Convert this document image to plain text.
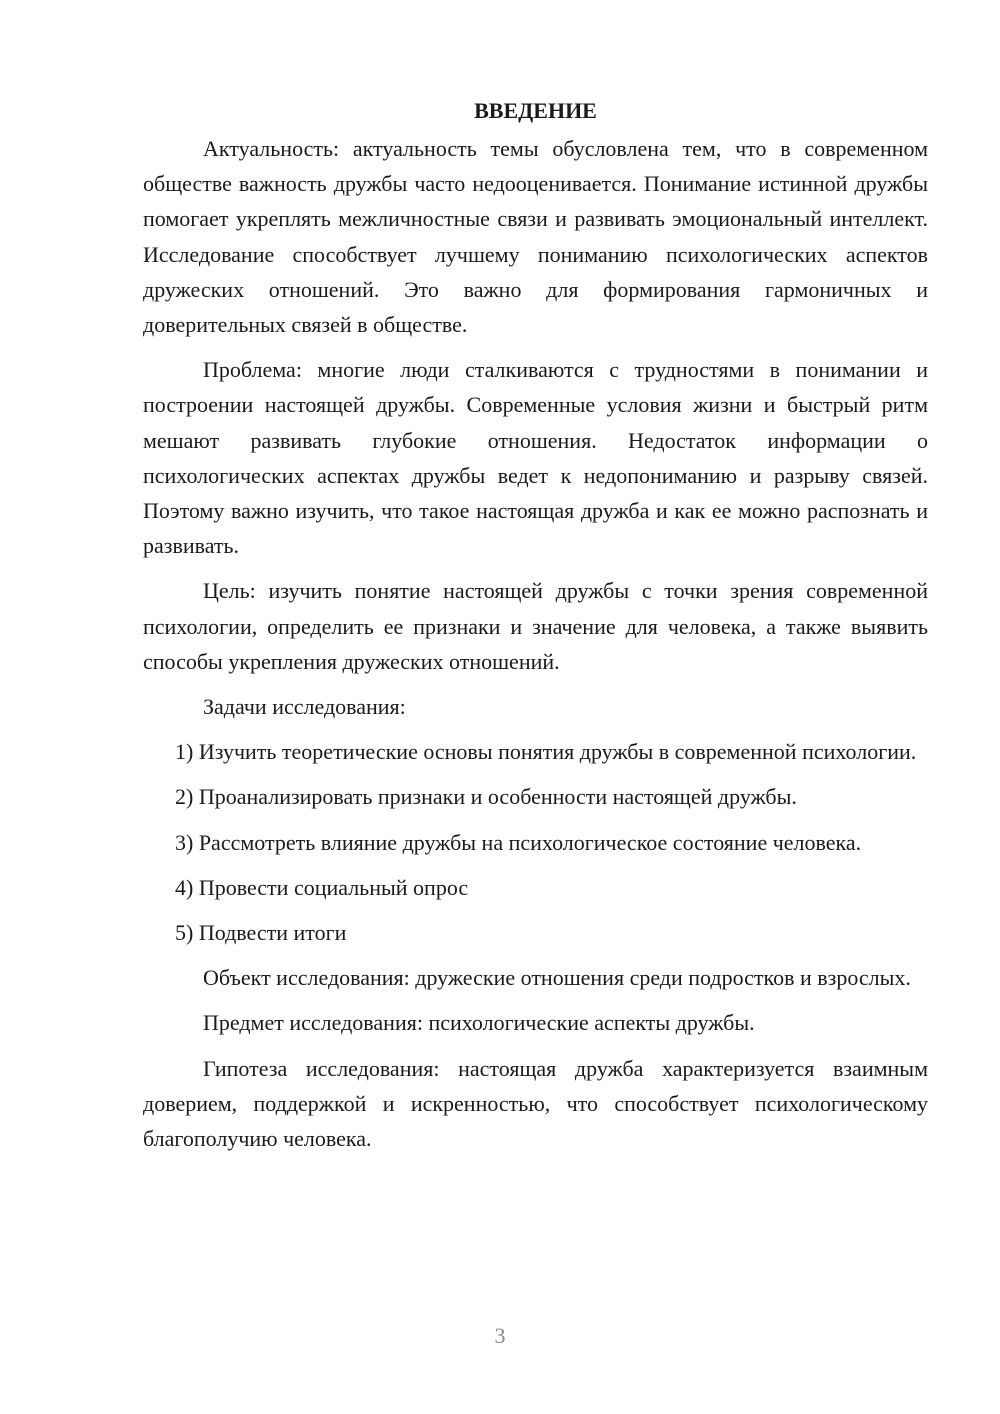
ВВЕДЕНИЕ

Актуальность: актуальность темы обусловлена тем, что в современном обществе важность дружбы часто недооценивается. Понимание истинной дружбы помогает укреплять межличностные связи и развивать эмоциональный интеллект. Исследование способствует лучшему пониманию психологических аспектов дружеских отношений. Это важно для формирования гармоничных и доверительных связей в обществе.

Проблема: многие люди сталкиваются с трудностями в понимании и построении настоящей дружбы. Современные условия жизни и быстрый ритм мешают развивать глубокие отношения. Недостаток информации о психологических аспектах дружбы ведет к недопониманию и разрыву связей. Поэтому важно изучить, что такое настоящая дружба и как ее можно распознать и развивать.

Цель: изучить понятие настоящей дружбы с точки зрения современной психологии, определить ее признаки и значение для человека, а также выявить способы укрепления дружеских отношений.

Задачи исследования:

1) Изучить теоретические основы понятия дружбы в современной психологии.

2) Проанализировать признаки и особенности настоящей дружбы.

3) Рассмотреть влияние дружбы на психологическое состояние человека.

4) Провести социальный опрос

5) Подвести итоги

Объект исследования: дружеские отношения среди подростков и взрослых.

Предмет исследования: психологические аспекты дружбы.

Гипотеза исследования: настоящая дружба характеризуется взаимным доверием, поддержкой и искренностью, что способствует психологическому благополучию человека.

3
